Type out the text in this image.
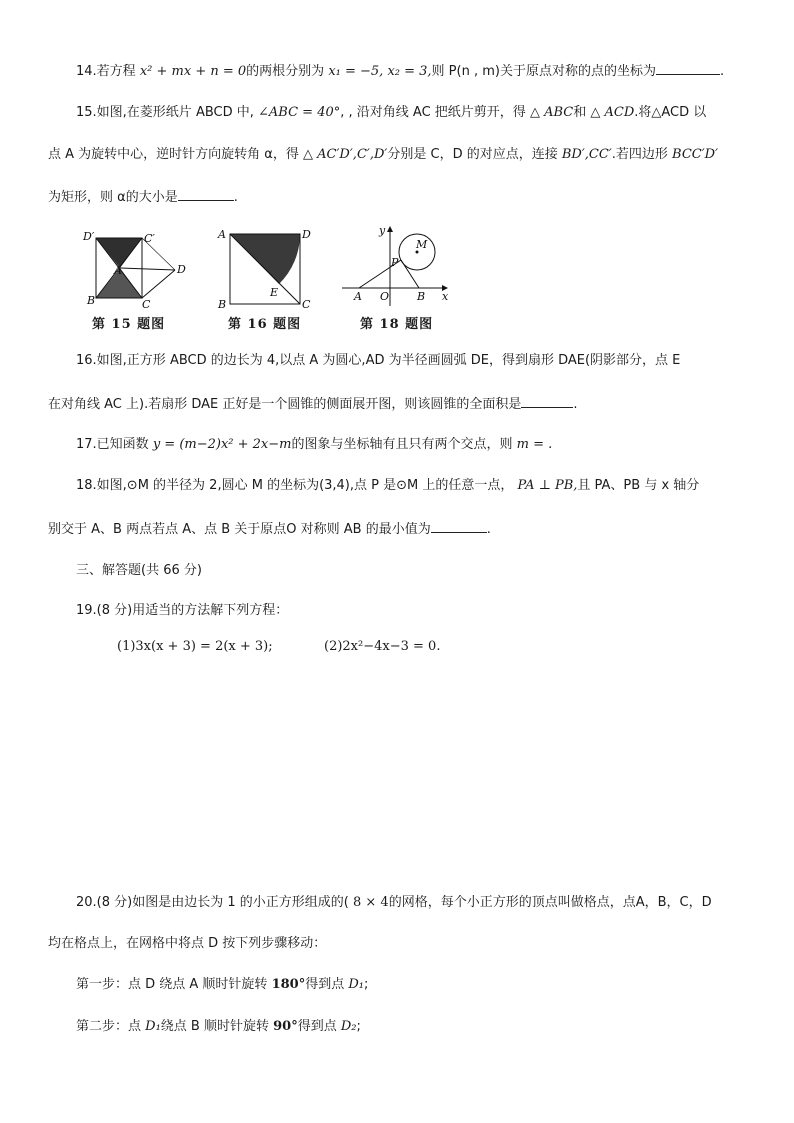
14.若方程 x² + mx + n = 0的两根分别为 x₁ = −5, x₂ = 3,则 P(n , m)关于原点对称的点的坐标为	.
15.如图,在菱形纸片 ABCD 中, ∠ABC = 40°, , 沿对角线 AC 把纸片剪开，得 △ ABC和 △ ACD.将△ACD 以
点 A 为旋转中心，逆时针方向旋转角 α，得 △ AC′D′,C′,D′分别是 C，D 的对应点，连接 BD′,CC′.若四边形 BCC′D′
为矩形，则 α的大小是	.
D′	C′
A	D
B	C
第 15 题图
A	D
E
B	C
第 16 题图
y
M
P
A O	B x
第 18 题图
16.如图,正方形 ABCD 的边长为 4,以点 A 为圆心,AD 为半径画圆弧 DE，得到扇形 DAE(阴影部分，点 E
在对角线 AC 上).若扇形 DAE 正好是一个圆锥的侧面展开图，则该圆锥的全面积是	.
17.已知函数 y = (m−2)x² + 2x−m的图象与坐标轴有且只有两个交点，则 m = .
18.如图,⊙M 的半径为 2,圆心 M 的坐标为(3,4),点 P 是⊙M 上的任意一点， PA ⊥ PB,且 PA、PB 与 x 轴分
别交于 A、B 两点若点 A、点 B 关于原点O 对称则 AB 的最小值为	.
三、解答题(共 66 分)
19.(8 分)用适当的方法解下列方程：
(1)3x(x + 3) = 2(x + 3);	(2)2x²−4x−3 = 0.
20.(8 分)如图是由边长为 1 的小正方形组成的( 8 × 4的网格，每个小正方形的顶点叫做格点，点A，B，C，D
均在格点上，在网格中将点 D 按下列步骤移动：
第一步：点 D 绕点 A 顺时针旋转 180°得到点 D₁;
第二步：点 D₁绕点 B 顺时针旋转 90°得到点 D₂;
